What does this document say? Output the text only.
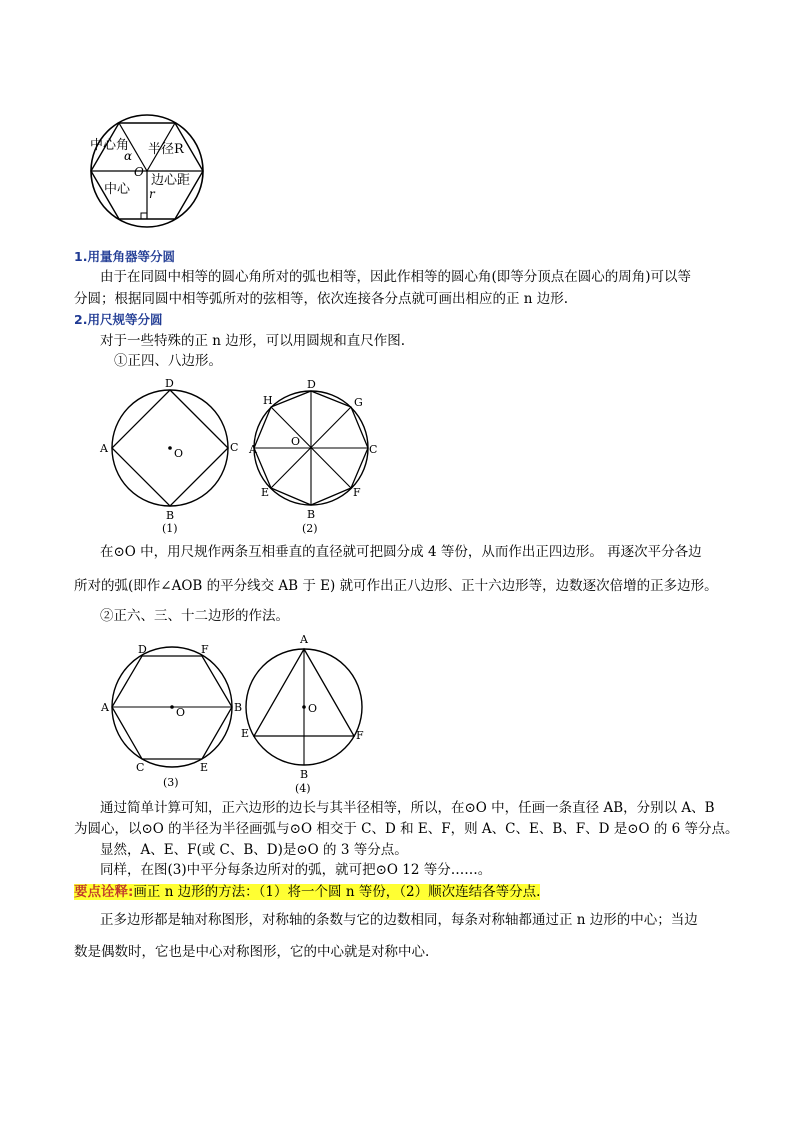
中心角
α 半径R
O
中心
边心距
r
1.用量角器等分圆
由于在同圆中相等的圆心角所对的弧也相等，因此作相等的圆心角(即等分顶点在圆心的周角)可以等
分圆；根据同圆中相等弧所对的弦相等，依次连接各分点就可画出相应的正 n 边形.
2.用尺规等分圆
对于一些特殊的正 n 边形，可以用圆规和直尺作图.
①正四、八边形。
D
A	C
B
O
(1)
D
H	G
A	C
O
E	F
B
(2)
在⊙O 中，用尺规作两条互相垂直的直径就可把圆分成 4 等份，从而作出正四边形。 再逐次平分各边
所对的弧(即作∠AOB 的平分线交 AB 于 E) 就可作出正八边形、正十六边形等，边数逐次倍增的正多边形。
②正六、三、十二边形的作法。
D	F
A	B
O
C	E
(3)
A
O
E	F
B
(4)
通过简单计算可知，正六边形的边长与其半径相等，所以，在⊙O 中，任画一条直径 AB，分别以 A、B
为圆心，以⊙O 的半径为半径画弧与⊙O 相交于 C、D 和 E、F，则 A、C、E、B、F、D 是⊙O 的 6 等分点。
显然，A、E、F(或 C、B、D)是⊙O 的 3 等分点。
同样，在图(3)中平分每条边所对的弧，就可把⊙O 12 等分……。
要点诠释:画正 n 边形的方法：（1）将一个圆 n 等份，（2）顺次连结各等分点.
正多边形都是轴对称图形，对称轴的条数与它的边数相同，每条对称轴都通过正 n 边形的中心；当边
数是偶数时，它也是中心对称图形，它的中心就是对称中心.
